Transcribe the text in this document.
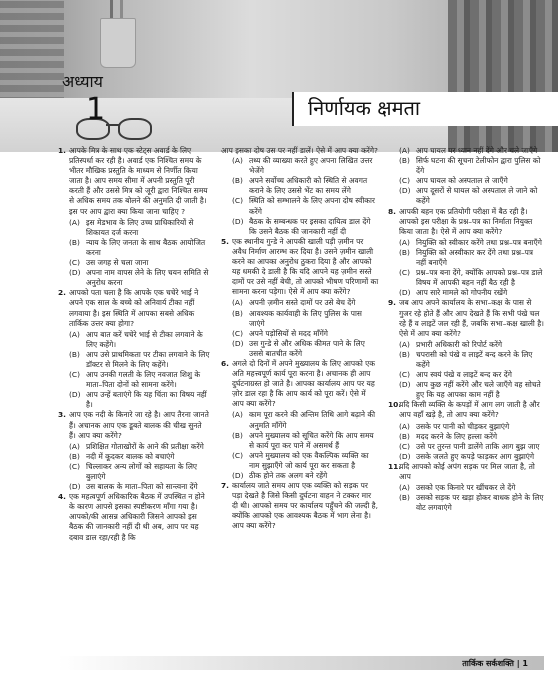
अध्याय
1	निर्णायक क्षमता
1. आपके मित्र के साथ एक स्टेट्स अवार्ड के लिए प्रतिस्पर्धा कर रही है। अवार्ड एक निश्चित समय के भीतर मौखिक प्रस्तुति के माध्यम से निर्णीत किया जाता है। आप समय सीमा में अपनी प्रस्तुति पूरी करती हैं और उससे मित्र को जूरी द्वारा निश्चित समय से अधिक समय तक बोलने की अनुमति दी जाती है।
इस पर आप द्वारा क्या किया जाना चाहिए ?
(A) इस मेडभाव के लिए उच्च प्राधिकारियों से शिकायत दर्ज करना
(B) न्याय के लिए जनता के साथ बैठक आयोजित करना
(C) उस जगह से चला जाना
(D) अपना नाम वापस लेने के लिए चयन समिति से अनुरोध करना
2. आपको पता चला है कि आपके एक चचेरे भाई ने अपने एक साल के बच्चे को अनिवार्य टीका नहीं लगवाया है। इस स्थिति में आपका सबसे अधिक तार्किक उत्तर क्या होगा?
(A) आप बात करें चचेरे भाई से टीका लगवाने के लिए कहेंगे।
(B) आप उसे प्राथमिकता पर टीका लगवाने के लिए डॉक्टर से मिलने के लिए कहेंगे।
(C) आप उनकी गलती के लिए नवजात शिशु के माता–पिता दोनों को सामना करेंगे।
(D) आप उन्हें बताएंगे कि यह चिंता का विषय नहीं है।
3. आप एक नदी के किनारे जा रहे है। आप तैरना जानते हैं। अचानक आप एक डूबते बालक की चीख सुनते हैं। आप क्या करेंगे?
(A) प्रशिक्षित गोताखोरों के आने की प्रतीक्षा करेंगे
(B) नदी में कूदकर बालक को बचाएंगे
(C) चिल्लाकर अन्य लोगों को सहायता के लिए बुलाएंगे
(D) उस बालक के माता–पिता को सान्त्वना देंगे
4. एक महत्वपूर्ण अधिकारिक बैठक में उपस्थित न होने के कारण आपसे इसका स्पष्टीकरण माँगा गया है। आपको/की आसन्न अधिकारी जिसने आपको इस बैठक की जानकारी नहीं दी थी अब, आप पर यह दबाव डाल रहा/रही है कि
आप इसका दोष उस पर नहीं डालें। ऐसे में आप क्या करेंगे?
(A) तथ्य की व्याख्या करते हुए अपना लिखित उत्तर भेजेंगे
(B) अपने सर्वोच्च अधिकारी को स्थिति से अवगत कराने के लिए उससे भेंट का समय लेंगे
(C) स्थिति को सम्भालने के लिए अपना दोष स्वीकार करेंगे
(D) बैठक के सम्बन्धक पर इसका दायित्व डाल देंगे कि उसने बैठक की जानकारी नहीं दी
5. एक स्थानीय गुन्डे ने आपकी खाली पड़ी ज़मीन पर अवैध निर्माण आरम्भ कर दिया है। उसने ज़मीन खाली करने का आपका अनुरोध ठुकरा दिया है और आपको यह धमकी दे डाली है कि यदि आपने यह ज़मीन सस्ते दामों पर उसे नहीं बेची, तो आपको भीषण परिणामों का सामना करना पड़ेगा। ऐसे में आप क्या करेंगे?
(A) अपनी ज़मीन सस्ते दामों पर उसे बेच देंगे
(B) आवश्यक कार्यवाही के लिए पुलिस के पास जाएंगे
(C) अपने पड़ोसियों से मदद माँगेंगे
(D) उस गुन्डे से और अधिक कीमत पाने के लिए उससे बातचीत करेंगे
6. अगले दो दिनों में अपने मुख्यालय के लिए आपको एक अति महत्त्वपूर्ण कार्य पूरा करना है। अचानक ही आप दुर्घटनाग्रस्त हो जाते है। आपका कार्यालय आप पर यह ज़ोर डाल रहा है कि आप कार्य को पूरा करें। ऐसे में आप क्या करेंगे?
(A) काम पूरा करने की अन्तिम तिथि आगे बढ़ाने की अनुमति माँगेंगे
(B) अपने मुख्यालय को सूचित करेंगे कि आप समय से कार्य पूरा कर पाने में असमर्थ हैं
(C) अपने मुख्यालय को एक वैकल्पिक व्यक्ति का नाम सुझाएँगे जो कार्य पूरा कर सकता है
(D) ठीक होने तक अलग बने रहेंगे
7. कार्यालय जाते समय आप एक व्यक्ति को सड़क पर पड़ा देखते है जिसे किसी दुर्घटना वाहन ने टक्कर मार दी थी। आपको समय पर कार्यालय पहुँचने की जल्दी है, क्योंकि आपको एक आवश्यक बैठक में भाग लेना है। आप क्या करेंगे?
(A) आप घायल पर ध्यान नहीं देंगे और चले जाएँगे
(B) सिर्फ घटना की सूचना टेलीफोन द्वारा पुलिस को देंगे
(C) आप घायल को अस्पताल ले जाएँगे
(D) आप दूसरों से घायल को अस्पताल ले जाने को कहेंगे
8. आपकी बहन एक प्रतियोगी परीक्षा में बैठ रही है। आपको इस परीक्षा के प्रश्न–पत्र का निर्माता नियुक्त किया जाता है। ऐसे में आप क्या करेंगे?
(A) नियुक्ति को स्वीकार करेंगे तथा प्रश्न–पत्र बनाएँगे
(B) नियुक्ति को अस्वीकार कर देंगे तथा प्रश्न–पत्र नहीं बनाएँगे
(C) प्रश्न–पत्र बना देंगे, क्योंकि आपको प्रश्न–पत्र डाले विषय में आपकी बहन नहीं बैठ रही है
(D) आप सारे मामले को गोपनीय रखेंगे
9. जब आप अपने कार्यालय के सभा–कक्ष के पास से गुजर रहे होते हैं और आप देखते हैं कि सभी पंखे चल रहे हैं व लाइटें जल रही हैं, जबकि सभा–कक्ष खाली है। ऐसे में आप क्या करेंगे?
(A) प्रभारी अधिकारी को रिपोर्ट करेंगे
(B) चपरासी को पंखे व लाइटें बन्द करने के लिए कहेंगे
(C) आप स्वयं पंखे व लाइटें बन्द कर देंगे
(D) आप कुछ नहीं करेंगे और चले जाएँगे वह सोचते हुए कि यह आपका काम नहीं है
10.
यदि किसी व्यक्ति के कपड़ों में आग लग जाती है और आप वहाँ खड़े है, तो आप क्या करेंगे?
(A) उसके पर पानी को चीड़कर बुझाएंगे
(B) मदद करने के लिए हल्ला करेंगे
(C) उसे पर तुरन्त पानी डालेंगे ताकि आग बुझ जाए
(D) उसके जलते हुए कपड़े फाड़कर आग बुझाएंगे
11.
यदि आपको कोई अपंग सड़क पर मिल जाता है, तो आप
(A) उसको एक किनारे पर खींचकर ले देंगे
(B) उसको सड़क पर खड़ा होकर बाधक होने के लिए वोट लगवाएंगे
तार्किक सर्कशक्ति | 1
